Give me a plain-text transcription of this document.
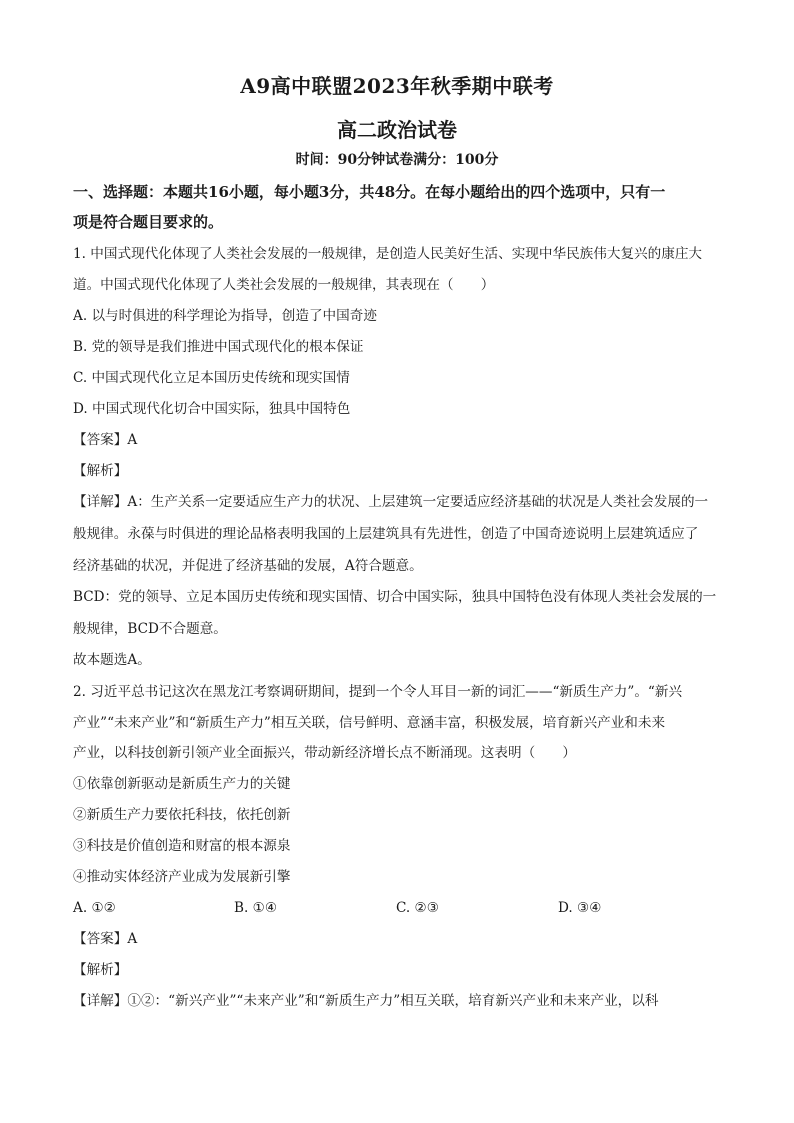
A9高中联盟2023年秋季期中联考
高二政治试卷
时间：90分钟试卷满分：100分
一、选择题：本题共16小题，每小题3分，共48分。在每小题给出的四个选项中，只有一
项是符合题目要求的。
1. 中国式现代化体现了人类社会发展的一般规律，是创造人民美好生活、实现中华民族伟大复兴的康庄大
道。中国式现代化体现了人类社会发展的一般规律，其表现在（　　）
A. 以与时俱进的科学理论为指导，创造了中国奇迹
B. 党的领导是我们推进中国式现代化的根本保证
C. 中国式现代化立足本国历史传统和现实国情
D. 中国式现代化切合中国实际，独具中国特色
【答案】A
【解析】
【详解】A：生产关系一定要适应生产力的状况、上层建筑一定要适应经济基础的状况是人类社会发展的一
般规律。永葆与时俱进的理论品格表明我国的上层建筑具有先进性，创造了中国奇迹说明上层建筑适应了
经济基础的状况，并促进了经济基础的发展，A符合题意。
BCD：党的领导、立足本国历史传统和现实国情、切合中国实际，独具中国特色没有体现人类社会发展的一
般规律，BCD不合题意。
故本题选A。
2. 习近平总书记这次在黑龙江考察调研期间，提到一个令人耳目一新的词汇——“新质生产力”。“新兴
产业”“未来产业”和“新质生产力”相互关联，信号鲜明、意涵丰富，积极发展，培育新兴产业和未来
产业，以科技创新引领产业全面振兴，带动新经济增长点不断涌现。这表明（　　）
①依靠创新驱动是新质生产力的关键
②新质生产力要依托科技，依托创新
③科技是价值创造和财富的根本源泉
④推动实体经济产业成为发展新引擎
A. ①②	B. ①④	C. ②③	D. ③④
【答案】A
【解析】
【详解】①②：“新兴产业”“未来产业”和“新质生产力”相互关联，培育新兴产业和未来产业，以科
